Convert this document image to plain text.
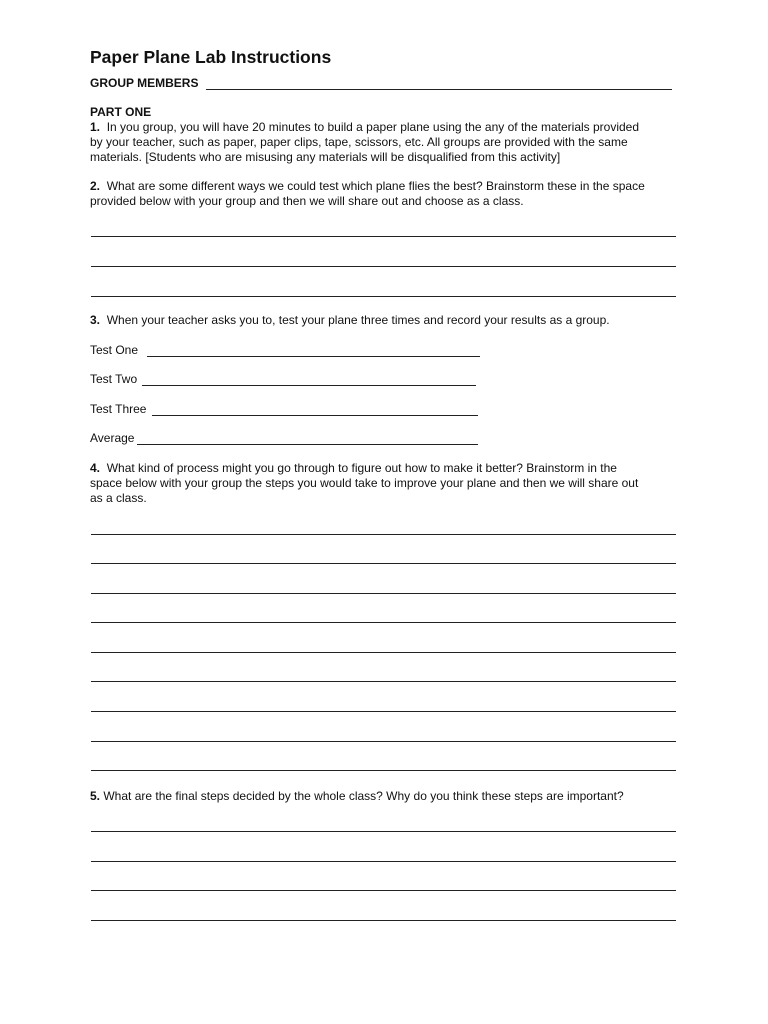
Paper Plane Lab Instructions
GROUP MEMBERS
PART ONE
1. In you group, you will have 20 minutes to build a paper plane using the any of the materials provided
by your teacher, such as paper, paper clips, tape, scissors, etc. All groups are provided with the same
materials. [Students who are misusing any materials will be disqualified from this activity]
2. What are some different ways we could test which plane flies the best? Brainstorm these in the space
provided below with your group and then we will share out and choose as a class.
3. When your teacher asks you to, test your plane three times and record your results as a group.
Test One
Test Two
Test Three
Average
4. What kind of process might you go through to figure out how to make it better? Brainstorm in the
space below with your group the steps you would take to improve your plane and then we will share out
as a class.
5. What are the final steps decided by the whole class? Why do you think these steps are important?
